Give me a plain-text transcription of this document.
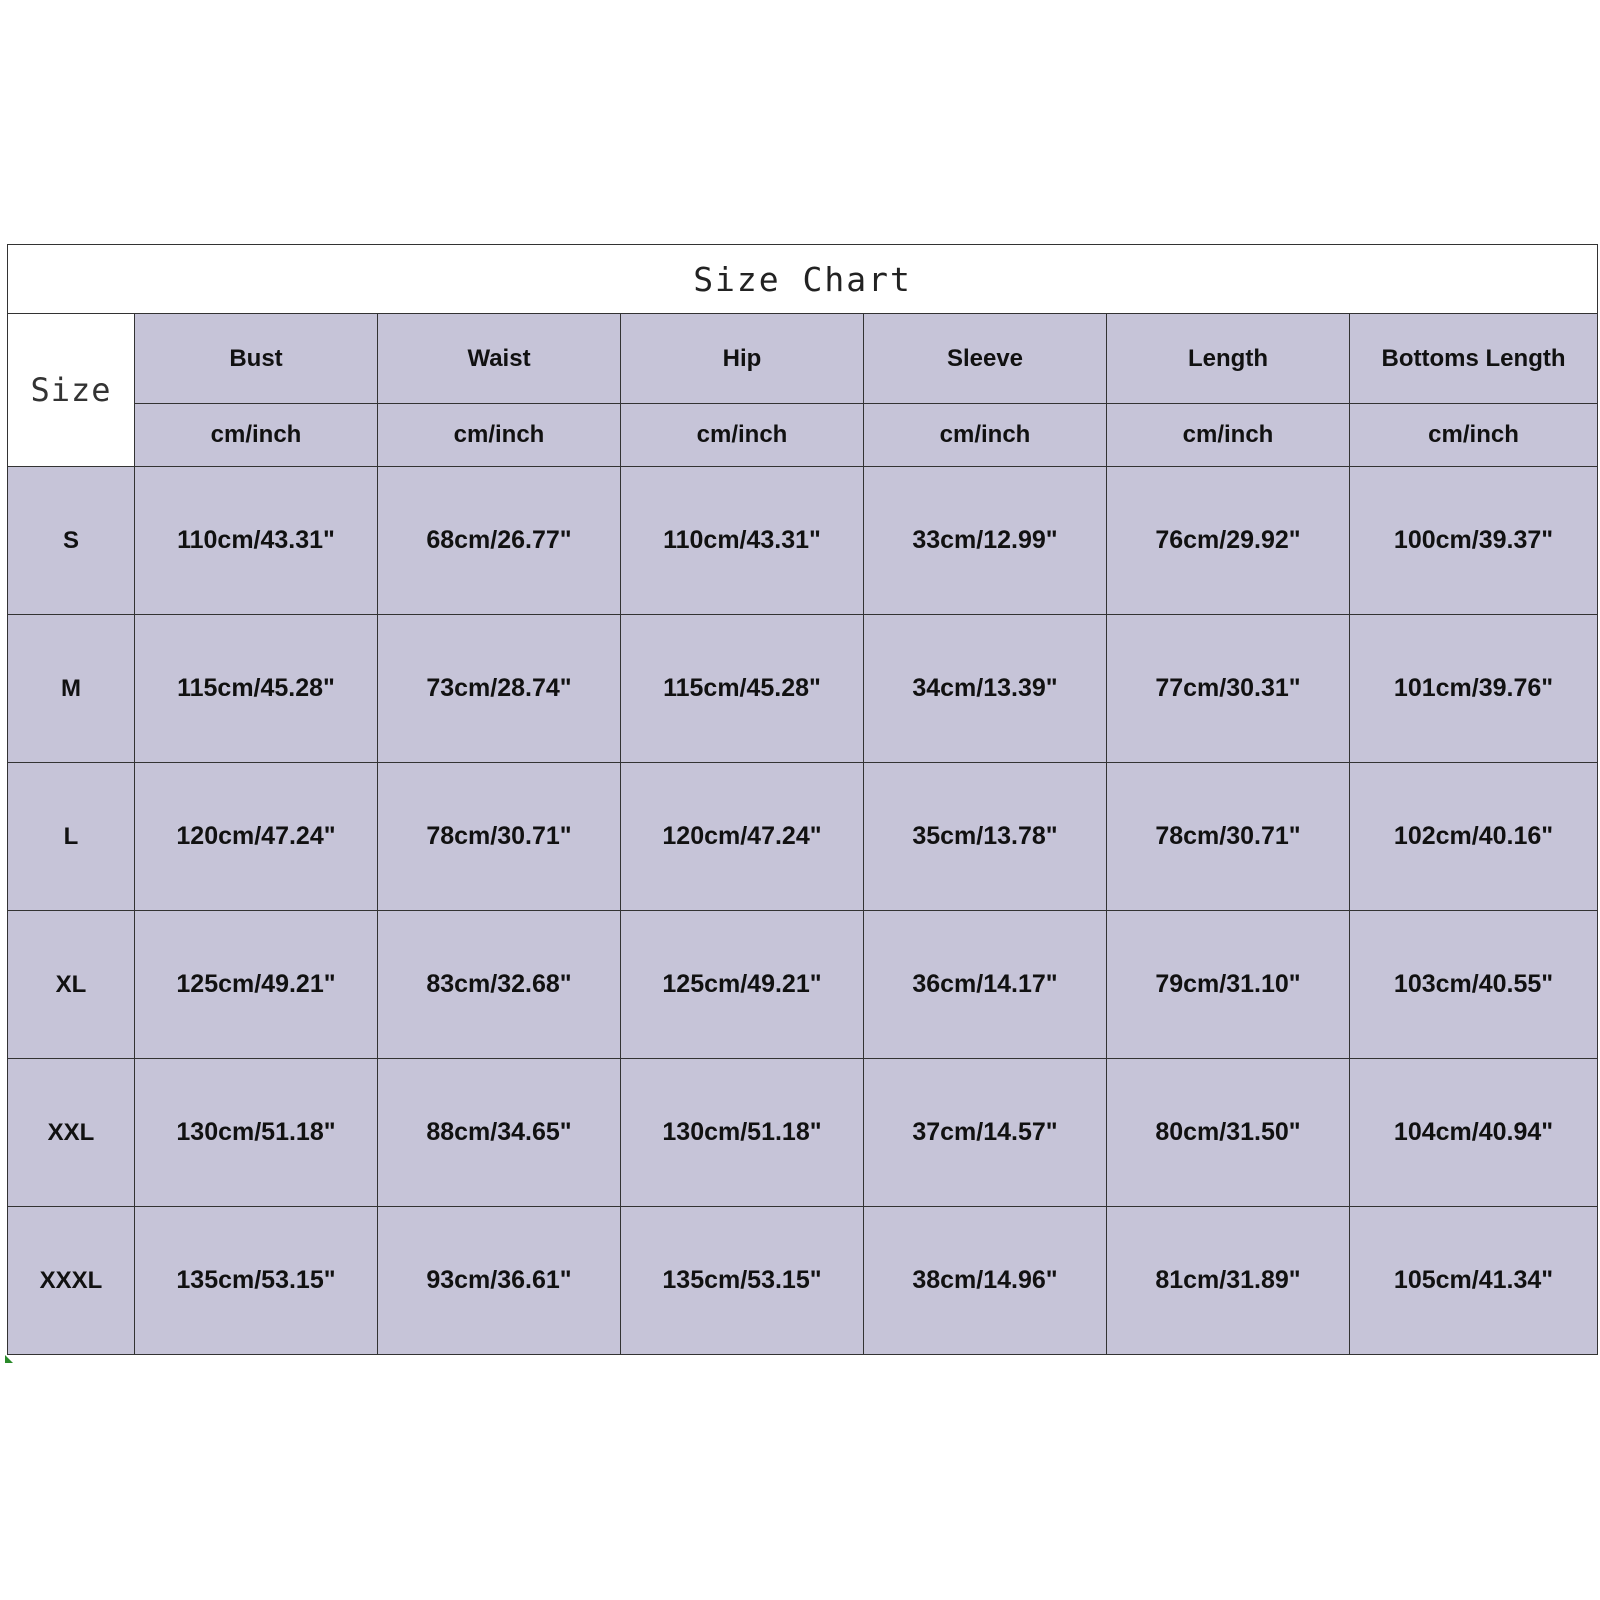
Size Chart						
Size	Bust	Waist	Hip	Sleeve	Length	Bottoms Length
	cm/inch	cm/inch	cm/inch	cm/inch	cm/inch	cm/inch
S	110cm/43.31"	68cm/26.77"	110cm/43.31"	33cm/12.99"	76cm/29.92"	100cm/39.37"
M	115cm/45.28"	73cm/28.74"	115cm/45.28"	34cm/13.39"	77cm/30.31"	101cm/39.76"
L	120cm/47.24"	78cm/30.71"	120cm/47.24"	35cm/13.78"	78cm/30.71"	102cm/40.16"
XL	125cm/49.21"	83cm/32.68"	125cm/49.21"	36cm/14.17"	79cm/31.10"	103cm/40.55"
XXL	130cm/51.18"	88cm/34.65"	130cm/51.18"	37cm/14.57"	80cm/31.50"	104cm/40.94"
XXXL	135cm/53.15"	93cm/36.61"	135cm/53.15"	38cm/14.96"	81cm/31.89"	105cm/41.34"
